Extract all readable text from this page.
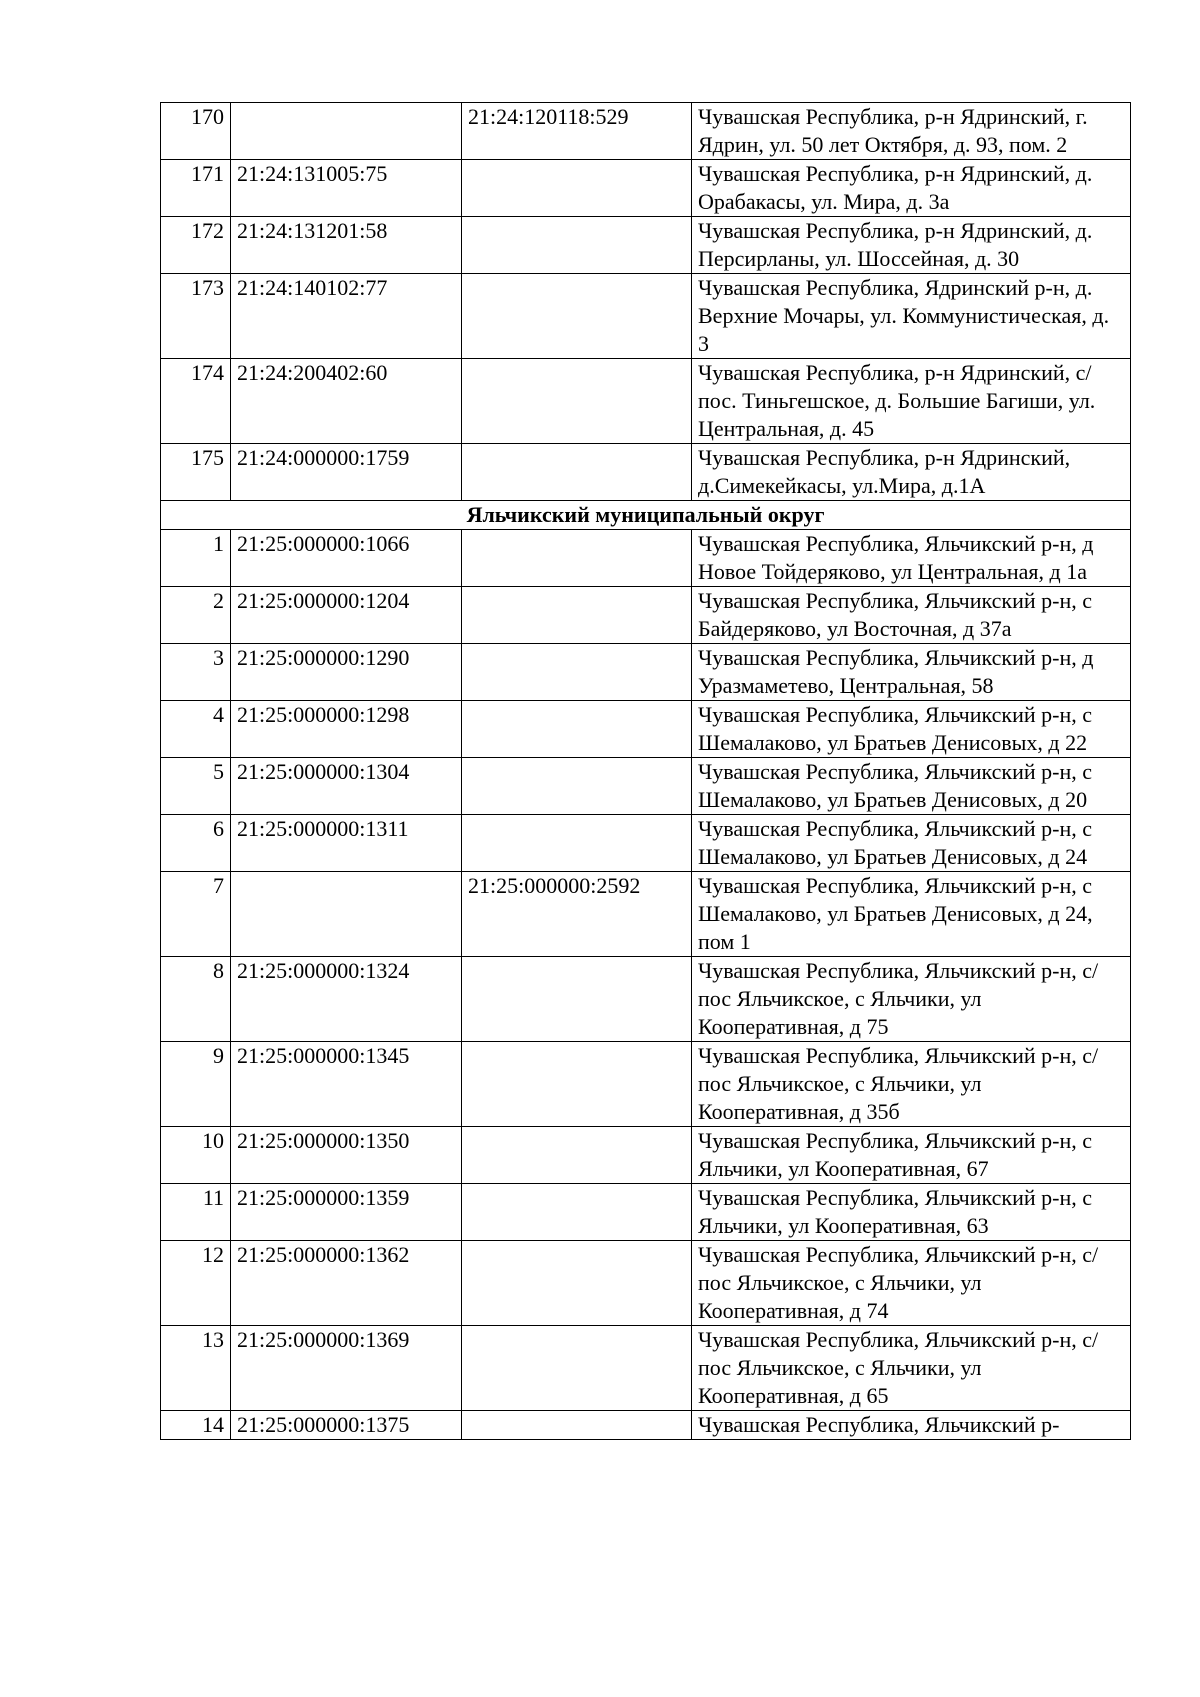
170		21:24:120118:529	Чувашская Республика, р-н Ядринский, г. Ядрин, ул. 50 лет Октября, д. 93, пом. 2
171	21:24:131005:75		Чувашская Республика, р-н Ядринский, д. Орабакасы, ул. Мира, д. 3а
172	21:24:131201:58		Чувашская Республика, р-н Ядринский, д. Персирланы, ул. Шоссейная, д. 30
173	21:24:140102:77		Чувашская Республика, Ядринский р-н, д. Верхние Мочары, ул. Коммунистическая, д. 3
174	21:24:200402:60		Чувашская Республика, р-н Ядринский, с/пос. Тиньгешское, д. Большие Багиши, ул. Центральная, д. 45
175	21:24:000000:1759		Чувашская Республика, р-н Ядринский, д.Симекейкасы, ул.Мира, д.1А
Яльчикский муниципальный округ			
1	21:25:000000:1066		Чувашская Республика, Яльчикский р-н, д Новое Тойдеряково, ул Центральная, д 1а
2	21:25:000000:1204		Чувашская Республика, Яльчикский р-н, с Байдеряково, ул Восточная, д 37а
3	21:25:000000:1290		Чувашская Республика, Яльчикский р-н, д Уразмаметево, Центральная, 58
4	21:25:000000:1298		Чувашская Республика, Яльчикский р-н, с Шемалаково, ул Братьев Денисовых, д 22
5	21:25:000000:1304		Чувашская Республика, Яльчикский р-н, с Шемалаково, ул Братьев Денисовых, д 20
6	21:25:000000:1311		Чувашская Республика, Яльчикский р-н, с Шемалаково, ул Братьев Денисовых, д 24
7		21:25:000000:2592	Чувашская Республика, Яльчикский р-н, с Шемалаково, ул Братьев Денисовых, д 24, пом 1
8	21:25:000000:1324		Чувашская Республика, Яльчикский р-н, с/пос Яльчикское, с Яльчики, ул Кооперативная, д 75
9	21:25:000000:1345		Чувашская Республика, Яльчикский р-н, с/пос Яльчикское, с Яльчики, ул Кооперативная, д 35б
10	21:25:000000:1350		Чувашская Республика, Яльчикский р-н, с Яльчики, ул Кооперативная, 67
11	21:25:000000:1359		Чувашская Республика, Яльчикский р-н, с Яльчики, ул Кооперативная, 63
12	21:25:000000:1362		Чувашская Республика, Яльчикский р-н, с/пос Яльчикское, с Яльчики, ул Кооперативная, д 74
13	21:25:000000:1369		Чувашская Республика, Яльчикский р-н, с/пос Яльчикское, с Яльчики, ул Кооперативная, д 65
14	21:25:000000:1375		Чувашская Республика, Яльчикский р-
